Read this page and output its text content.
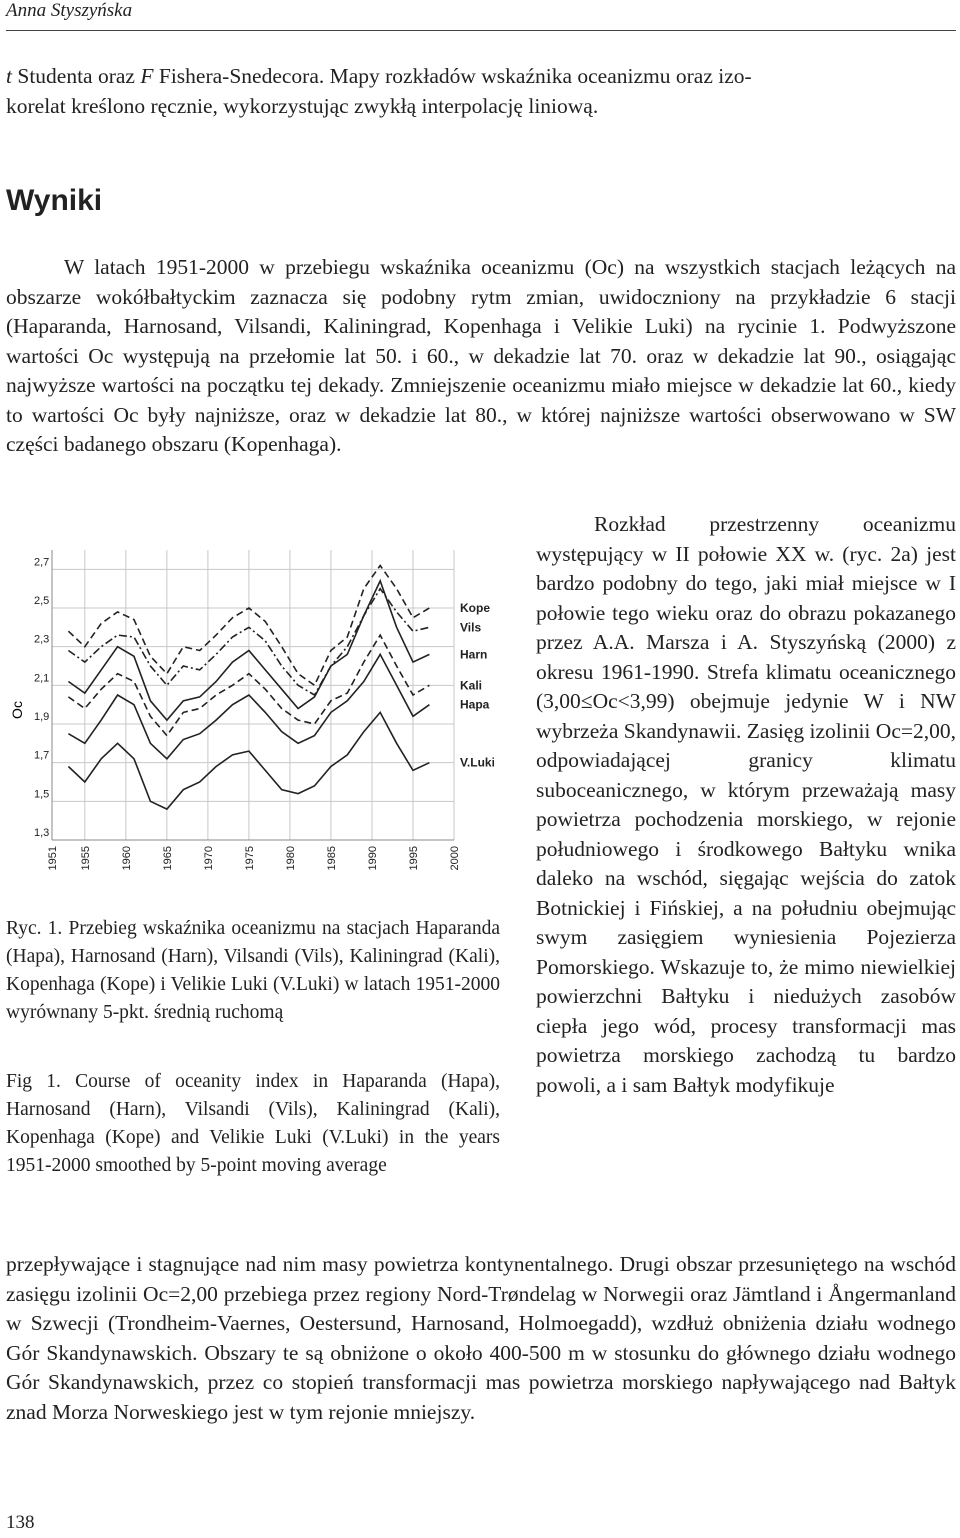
Anna Styszyńska

t Studenta oraz F Fishera-Snedecora. Mapy rozkładów wskaźnika oceanizmu oraz izo-
korelat kreślono ręcznie, wykorzystując zwykłą interpolację liniową.

Wyniki

W latach 1951-2000 w przebiegu wskaźnika oceanizmu (Oc) na wszystkich stacjach leżących na obszarze wokółbałtyckim zaznacza się podobny rytm zmian, uwidoczniony na przykładzie 6 stacji (Haparanda, Harnosand, Vilsandi, Kaliningrad, Kopenhaga i Velikie Luki) na rycinie 1. Podwyższone wartości Oc występują na przełomie lat 50. i 60., w dekadzie lat 70. oraz w dekadzie lat 90., osiągając najwyższe wartości na początku tej dekady. Zmniejszenie oceanizmu miało miejsce w dekadzie lat 60., kiedy to wartości Oc były najniższe, oraz w dekadzie lat 80., w której najniższe wartości obserwowano w SW części badanego obszaru (Kopenhaga).

Oc
1,3
1,5
1,7
1,9
2,1
2,3
2,5
2,7
1951 1955	1960	1965	1970	1975	1980	1985	1990	1995	2000
Kope
Vils
Harn
Kali
Hapa
V.Luki

Rozkład przestrzenny oceanizmu występujący w II połowie XX w. (ryc. 2a) jest bardzo podobny do tego, jaki miał miejsce w I połowie tego wieku oraz do obrazu pokazanego przez A.A. Marsza i A. Styszyńską (2000) z okresu 1961-1990. Strefa klimatu oceanicznego (3,00≤Oc<3,99) obejmuje jedynie W i NW wybrzeża Skandynawii. Zasięg izolinii Oc=2,00, odpowiadającej granicy klimatu suboceanicznego, w którym przeważają masy powietrza pochodzenia morskiego, w rejonie południowego i środkowego Bałtyku wnika daleko na wschód, sięgając wejścia do zatok Botnickiej i Fińskiej, a na południu obejmując swym zasięgiem wyniesienia Pojezierza Pomorskiego. Wskazuje to, że mimo niewielkiej powierzchni Bałtyku i niedużych zasobów ciepła jego wód, procesy transformacji mas powietrza morskiego zachodzą tu bardzo powoli, a i sam Bałtyk modyfikuje

Ryc. 1. Przebieg wskaźnika oceanizmu na stacjach Haparanda (Hapa), Harnosand (Harn), Vilsandi (Vils), Kaliningrad (Kali), Kopenhaga (Kope) i Velikie Luki (V.Luki) w latach 1951-2000 wyrównany 5-pkt. średnią ruchomą

Fig 1. Course of oceanity index in Haparanda (Hapa), Harnosand (Harn), Vilsandi (Vils), Kaliningrad (Kali), Kopenhaga (Kope) and Velikie Luki (V.Luki) in the years 1951-2000 smoothed by 5-point moving average

przepływające i stagnujące nad nim masy powietrza kontynentalnego. Drugi obszar przesuniętego na wschód zasięgu izolinii Oc=2,00 przebiega przez regiony Nord-Trøndelag w Norwegii oraz Jämtland i Ångermanland w Szwecji (Trondheim-Vaernes, Oestersund, Harnosand, Holmoegadd), wzdłuż obniżenia działu wodnego Gór Skandynawskich. Obszary te są obniżone o około 400-500 m w stosunku do głównego działu wodnego Gór Skandynawskich, przez co stopień transformacji mas powietrza morskiego napływającego nad Bałtyk znad Morza Norweskiego jest w tym rejonie mniejszy.

138
